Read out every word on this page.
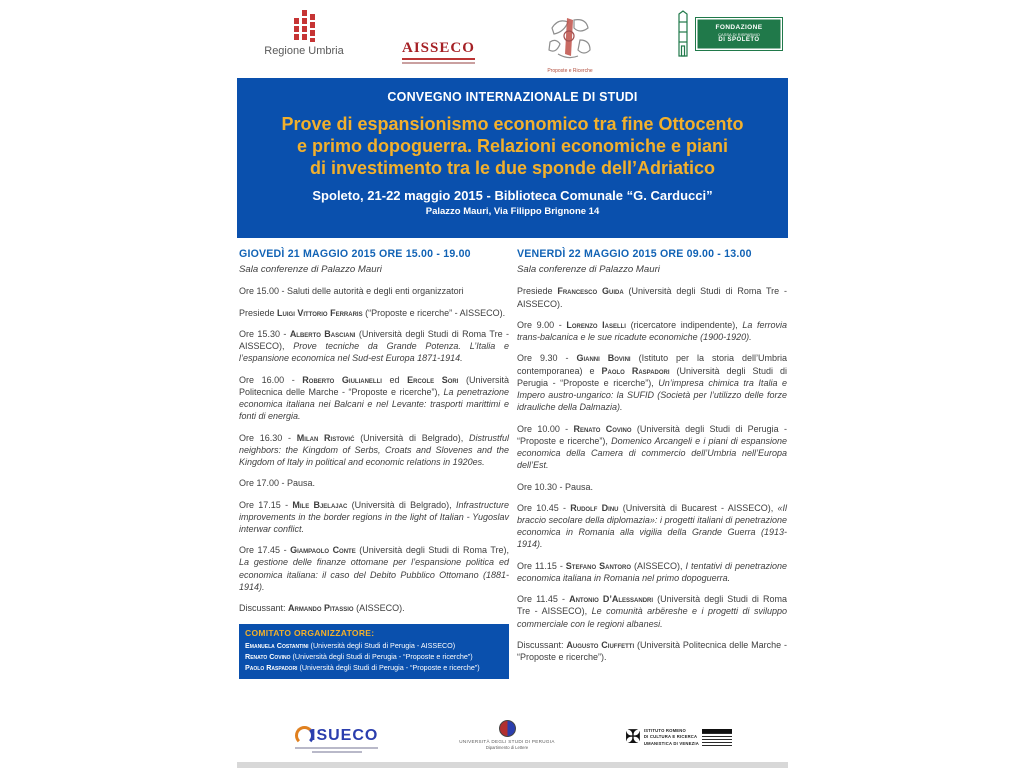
Regione Umbria	AISSECO
Proposte e Ricerche
FONDAZIONE
CASSA DI RISPARMIO
DI SPOLETO
CONVEGNO INTERNAZIONALE DI STUDI
Prove di espansionismo economico tra fine Ottocento
e primo dopoguerra. Relazioni economiche e piani
di investimento tra le due sponde dell’Adriatico
Spoleto, 21-22 maggio 2015 - Biblioteca Comunale “G. Carducci”
Palazzo Mauri, Via Filippo Brignone 14
GIOVEDÌ 21 MAGGIO 2015 ORE 15.00 - 19.00
Sala conferenze di Palazzo Mauri
Ore 15.00 - Saluti delle autorità e degli enti organizzatori
Presiede Luigi Vittorio Ferraris (“Proposte e ricerche” - AISSECO).
Ore 15.30 - Alberto Basciani (Università degli Studi di Roma Tre - AISSECO), Prove tecniche da Grande Potenza. L’Italia e l’espansione economica nel Sud-est Europa 1871-1914.
Ore 16.00 - Roberto Giulianelli ed Ercole Sori (Università Politecnica delle Marche - “Proposte e ricerche”), La penetrazione economica italiana nei Balcani e nel Levante: trasporti marittimi e fonti di energia.
Ore 16.30 - Milan Ristović (Università di Belgrado), Distrustful neighbors: the Kingdom of Serbs, Croats and Slovenes and the Kingdom of Italy in political and economic relations in 1920es.
Ore 17.00 - Pausa.
Ore 17.15 - Mile Bjelajac (Università di Belgrado), Infrastructure improvements in the border regions in the light of Italian - Yugoslav interwar conflict.
Ore 17.45 - Giampaolo Conte (Università degli Studi di Roma Tre), La gestione delle finanze ottomane per l’espansione politica ed economica italiana: il caso del Debito Pubblico Ottomano (1881-1914).
Discussant: Armando Pitassio (AISSECO).
COMITATO ORGANIZZATORE:
Emanuela Costantini (Università degli Studi di Perugia - AISSECO)
Renato Covino (Università degli Studi di Perugia - “Proposte e ricerche”)
Paolo Raspadori (Università degli Studi di Perugia - “Proposte e ricerche”)
VENERDÌ 22 MAGGIO 2015 ORE 09.00 - 13.00
Sala conferenze di Palazzo Mauri
Presiede Francesco Guida (Università degli Studi di Roma Tre - AISSECO).
Ore 9.00 - Lorenzo Iaselli (ricercatore indipendente), La ferrovia trans-balcanica e le sue ricadute economiche (1900-1920).
Ore 9.30 - Gianni Bovini (Istituto per la storia dell’Umbria contemporanea) e Paolo Raspadori (Università degli Studi di Perugia - “Proposte e ricerche”), Un’impresa chimica tra Italia e Impero austro-ungarico: la SUFID (Società per l’utilizzo delle forze idrauliche della Dalmazia).
Ore 10.00 - Renato Covino (Università degli Studi di Perugia - “Proposte e ricerche”), Domenico Arcangeli e i piani di espansione economica della Camera di commercio dell’Umbria nell’Europa dell’Est.
Ore 10.30 - Pausa.
Ore 10.45 - Rudolf Dinu (Università di Bucarest - AISSECO), «Il braccio secolare della diplomazia»: i progetti italiani di penetrazione economica in Romania alla vigilia della Grande Guerra (1913-1914).
Ore 11.15 - Stefano Santoro (AISSECO), I tentativi di penetrazione economica italiana in Romania nel primo dopoguerra.
Ore 11.45 - Antonio D’Alessandri (Università degli Studi di Roma Tre - AISSECO), Le comunità arbëreshe e i progetti di sviluppo commerciale con le regioni albanesi.
Discussant: Augusto Ciuffetti (Università Politecnica delle Marche - “Proposte e ricerche”).
ISUECO	UNIVERSITÀ DEGLI STUDI DI PERUGIA
Dipartimento di Lettere	✠ ISTITUTO ROMENO
DI CULTURA E RICERCA
UMANISTICA DI VENEZIA
